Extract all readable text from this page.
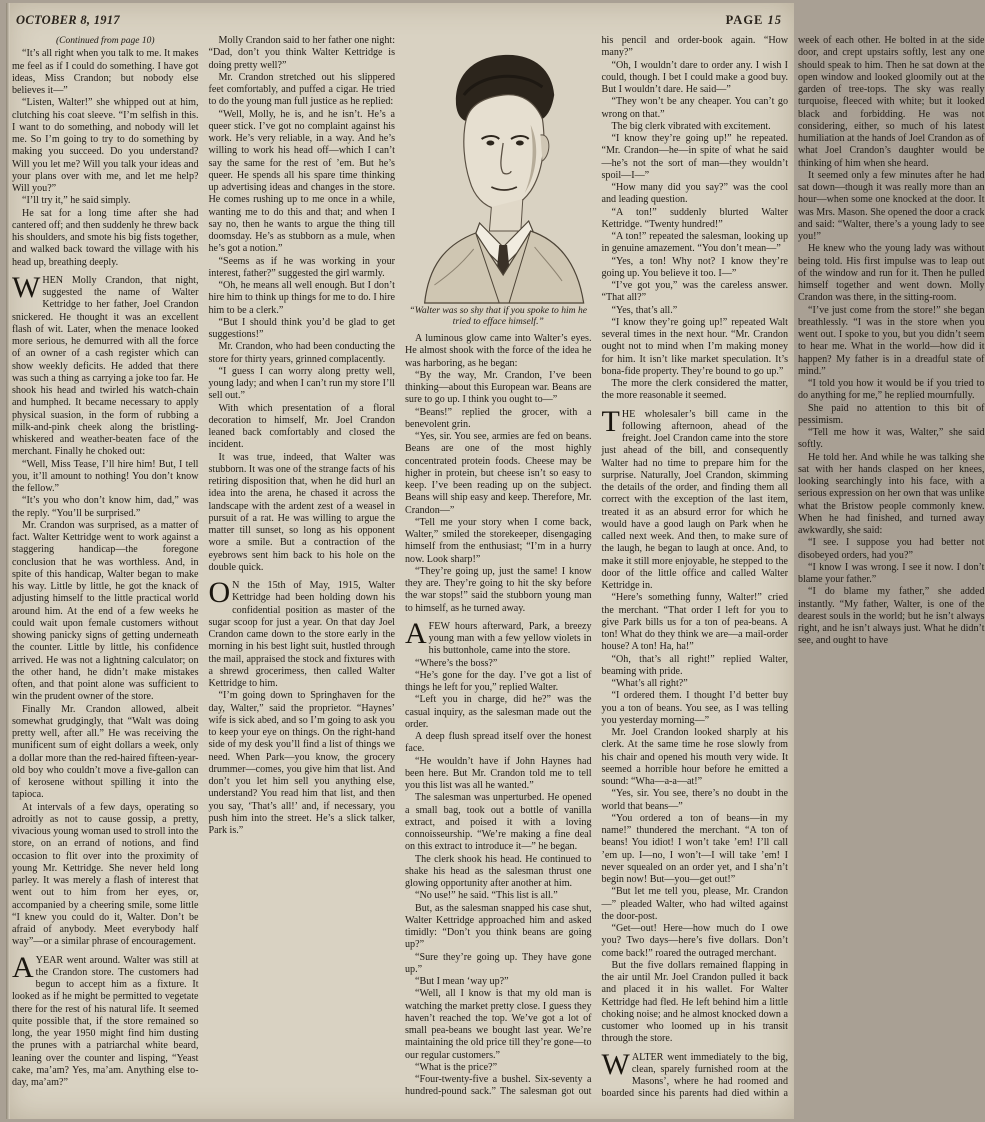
OCTOBER 8, 1917	PAGE 15

(Continued from page 10)

“It’s all right when you talk to me. It makes me feel as if I could do something. I have got ideas, Miss Crandon; but nobody else believes it—”

“Listen, Walter!” she whipped out at him, clutching his coat sleeve. “I’m selfish in this. I want to do something, and nobody will let me. So I’m going to try to do something by making you succeed. Do you understand? Will you let me? Will you talk your ideas and your plans over with me, and let me help? Will you?”

“I’ll try it,” he said simply.

He sat for a long time after she had cantered off; and then suddenly he threw back his shoulders, and smote his big fists together, and walked back toward the village with his head up, breathing deeply.

WHEN Molly Crandon, that night, suggested the name of Walter Kettridge to her father, Joel Crandon snickered. He thought it was an excellent flash of wit. Later, when the menace looked more serious, he demurred with all the force of an owner of a cash register which can show weekly deficits. He added that there was such a thing as carrying a joke too far. He shook his head and twirled his watch-chain and humphed. It became necessary to apply physical suasion, in the form of rubbing a milk-and-pink cheek along the bristling-whiskered and weather-beaten face of the merchant. Finally he choked out:

“Well, Miss Tease, I’ll hire him! But, I tell you, it’ll amount to nothing! You don’t know the fellow.”

“It’s you who don’t know him, dad,” was the reply. “You’ll be surprised.”

Mr. Crandon was surprised, as a matter of fact. Walter Kettridge went to work against a staggering handicap—the foregone conclusion that he was worthless. And, in spite of this handicap, Walter began to make his way. Little by little, he got the knack of adjusting himself to the little practical world around him. At the end of a few weeks he could wait upon female customers without showing panicky signs of getting underneath the counter. Little by little, his confidence arrived. He was not a lightning calculator; on the other hand, he didn’t make mistakes often, and that point alone was sufficient to win the prudent owner of the store.

Finally Mr. Crandon allowed, albeit somewhat grudgingly, that “Walt was doing pretty well, after all.” He was receiving the munificent sum of eight dollars a week, only a dollar more than the red-haired fifteen-year-old boy who couldn’t move a five-gallon can of kerosene without spilling it into the tapioca.

At intervals of a few days, operating so adroitly as not to cause gossip, a pretty, vivacious young woman used to stroll into the store, on an errand of notions, and find occasion to flit over into the proximity of young Mr. Kettridge. She never held long parley. It was merely a flash of interest that went out to him from her eyes, or, accompanied by a cheering smile, some little “I knew you could do it, Walter. Don’t be afraid of anybody. Meet everybody half way”—or a similar phrase of encouragement.

AYEAR went around. Walter was still at the Crandon store. The customers had begun to accept him as a fixture. It looked as if he might be permitted to vegetate there for the rest of his natural life. It seemed quite possible that, if the store remained so long, the year 1950 might find him dusting the prunes with a patriarchal white beard, leaning over the counter and lisping, “Yeast cake, ma’am? Yes, ma’am. Anything else to-day, ma’am?”

Molly Crandon said to her father one night: “Dad, don’t you think Walter Kettridge is doing pretty well?”

Mr. Crandon stretched out his slippered feet comfortably, and puffed a cigar. He tried to do the young man full justice as he replied:

“Well, Molly, he is, and he isn’t. He’s a queer stick. I’ve got no complaint against his work. He’s very reliable, in a way. And he’s willing to work his head off—which I can’t say the same for the rest of ’em. But he’s queer. He spends all his spare time thinking up advertising ideas and changes in the store. He comes rushing up to me once in a while, wanting me to do this and that; and when I say no, then he wants to argue the thing till doomsday. He’s as stubborn as a mule, when he’s got a notion.”

“Seems as if he was working in your interest, father?” suggested the girl warmly.

“Oh, he means all well enough. But I don’t hire him to think up things for me to do. I hire him to be a clerk.”

“But I should think you’d be glad to get suggestions!”

Mr. Crandon, who had been conducting the store for thirty years, grinned complacently.

“I guess I can worry along pretty well, young lady; and when I can’t run my store I’ll sell out.”

With which presentation of a floral decoration to himself, Mr. Joel Crandon leaned back comfortably and closed the incident.

It was true, indeed, that Walter was stubborn. It was one of the strange facts of his retiring disposition that, when he did hurl an idea into the arena, he chased it across the landscape with the ardent zest of a weasel in pursuit of a rat. He was willing to argue the matter till sunset, so long as his opponent wore a smile. But a contraction of the eyebrows sent him back to his hole on the double quick.

O N the 15th of May, 1915, Walter Kettridge had been holding down his confidential position as master of the sugar scoop for just a year. On that day Joel Crandon came down to the store early in the morning in his best light suit, hustled through the mail, appraised the stock and fixtures with a shrewd grocerimess, then called Walter Kettridge to him.

“I’m going down to Springhaven for the day, Walter,” said the proprietor. “Haynes’ wife is sick abed, and so I’m going to ask you to keep your eye on things. On the right-hand side of my desk you’ll find a list of things we need. When Park—you know, the grocery drummer—comes, you give him that list. And don’t you let him sell you anything else, understand? You read him that list, and then you say, ‘That’s all!’ and, if necessary, you push him into the street. He’s a slick talker, Park is.”

“Walter was so shy that if you spoke to him he tried to efface himself.”

A luminous glow came into Walter’s eyes. He almost shook with the force of the idea he was harboring, as he began:

“By the way, Mr. Crandon, I’ve been thinking—about this European war. Beans are sure to go up. I think you ought to—”

“Beans!” replied the grocer, with a benevolent grin.

“Yes, sir. You see, armies are fed on beans. Beans are one of the most highly concentrated protein foods. Cheese may be higher in protein, but cheese isn’t so easy to keep. I’ve been reading up on the subject. Beans will ship easy and keep. Therefore, Mr. Crandon—”

“Tell me your story when I come back, Walter,” smiled the storekeeper, disengaging himself from the enthusiast; “I’m in a hurry now. Look sharp!”

“They’re going up, just the same! I know they are. They’re going to hit the sky before the war stops!” said the stubborn young man to himself, as he turned away.

A FEW hours afterward, Park, a breezy young man with a few yellow violets in his buttonhole, came into the store.

“Where’s the boss?”

“He’s gone for the day. I’ve got a list of things he left for you,” replied Walter.

“Left you in charge, did he?” was the casual inquiry, as the salesman made out the order.

A deep flush spread itself over the honest face.

“He wouldn’t have if John Haynes had been here. But Mr. Crandon told me to tell you this list was all he wanted.”

The salesman was unperturbed. He opened a small bag, took out a bottle of vanilla extract, and poised it with a loving connoisseurship. “We’re making a fine deal on this extract to introduce it—” he began.

The clerk shook his head. He continued to shake his head as the salesman thrust one glowing opportunity after another at him.

“No use!” he said. “This list is all.”

But, as the salesman snapped his case shut, Walter Kettridge approached him and asked timidly: “Don’t you think beans are going up?”

“Sure they’re going up. They have gone up.”

“But I mean ‘way up?”

“Well, all I know is that my old man is watching the market pretty close. I guess they haven’t reached the top. We’ve got a lot of small pea-beans we bought last year. We’re maintaining the old price till they’re gone—to our regular customers.”

“What is the price?”

“Four-twenty-five a bushel. Six-seventy a hundred-pound sack.” The salesman got out his pencil and order-book again. “How many?”

“Oh, I wouldn’t dare to order any. I wish I could, though. I bet I could make a good buy. But I wouldn’t dare. He said—”

“They won’t be any cheaper. You can’t go wrong on that.”

The big clerk vibrated with excitement.

“I know they’re going up!” he repeated. “Mr. Crandon—he—in spite of what he said—he’s not the sort of man—they wouldn’t spoil—I—”

“How many did you say?” was the cool and leading question.

“A ton!” suddenly blurted Walter Kettridge. “Twenty hundred!”

“A ton!” repeated the salesman, looking up in genuine amazement. “You don’t mean—”

“Yes, a ton! Why not? I know they’re going up. You believe it too. I—”

“I’ve got you,” was the careless answer. “That all?”

“Yes, that’s all.”

“I know they’re going up!” repeated Walt several times in the next hour. “Mr. Crandon ought not to mind when I’m making money for him. It isn’t like market speculation. It’s bona-fide property. They’re bound to go up.”

The more the clerk considered the matter, the more reasonable it seemed.

THE wholesaler’s bill came in the following afternoon, ahead of the freight. Joel Crandon came into the store just ahead of the bill, and consequently Walter had no time to prepare him for the surprise. Naturally, Joel Crandon, skimming the details of the order, and finding them all correct with the exception of the last item, treated it as an absurd error for which he would have a good laugh on Park when he called next week. And then, to make sure of the laugh, he began to laugh at once. And, to make it still more enjoyable, he stepped to the door of the little office and called Walter Kettridge in.

“Here’s something funny, Walter!” cried the merchant. “That order I left for you to give Park bills us for a ton of pea-beans. A ton! What do they think we are—a mail-order house? A ton! Ha, ha!”

“Oh, that’s all right!” replied Walter, beaming with pride.

“What’s all right?”

“I ordered them. I thought I’d better buy you a ton of beans. You see, as I was telling you yesterday morning—”

Mr. Joel Crandon looked sharply at his clerk. At the same time he rose slowly from his chair and opened his mouth very wide. It seemed a horrible hour before he emitted a sound: “Wha—a-a—at!”

“Yes, sir. You see, there’s no doubt in the world that beans—”

“You ordered a ton of beans—in my name!” thundered the merchant. “A ton of beans! You idiot! I won’t take ’em! I’ll call ’em up. I—no, I won’t—I will take ’em! I never squealed on an order yet, and I sha’n’t begin now! But—you—get out!”

“But let me tell you, please, Mr. Crandon—” pleaded Walter, who had wilted against the door-post.

“Get—out! Here—how much do I owe you? Two days—here’s five dollars. Don’t come back!” roared the outraged merchant.

But the five dollars remained flapping in the air until Mr. Joel Crandon pulled it back and placed it in his wallet. For Walter Kettridge had fled. He left behind him a little choking noise; and he almost knocked down a customer who loomed up in his transit through the store.

WALTER went immediately to the big, clean, sparely furnished room at the Masons’, where he had roomed and boarded since his parents had died within a week of each other. He bolted in at the side door, and crept upstairs softly, lest any one should speak to him. Then he sat down at the open window and looked gloomily out at the garden of tree-tops. The sky was really turquoise, fleeced with white; but it looked black and forbidding. He was not considering, either, so much of his latest humiliation at the hands of Joel Crandon as of what Joel Crandon’s daughter would be thinking of him when she heard.

It seemed only a few minutes after he had sat down—though it was really more than an hour—when some one knocked at the door. It was Mrs. Mason. She opened the door a crack and said: “Walter, there’s a young lady to see you!”

He knew who the young lady was without being told. His first impulse was to leap out of the window and run for it. Then he pulled himself together and went down. Molly Crandon was there, in the sitting-room.

“I’ve just come from the store!” she began breathlessly. “I was in the store when you went out. I spoke to you, but you didn’t seem to hear me. What in the world—how did it happen? My father is in a dreadful state of mind.”

“I told you how it would be if you tried to do anything for me,” he replied mournfully.

She paid no attention to this bit of pessimism.

“Tell me how it was, Walter,” she said softly.

He told her. And while he was talking she sat with her hands clasped on her knees, looking searchingly into his face, with a serious expression on her own that was unlike what the Bristow people commonly knew. When he had finished, and turned away awkwardly, she said:

“I see. I suppose you had better not disobeyed orders, had you?”

“I know I was wrong. I see it now. I don’t blame your father.”

“I do blame my father,” she added instantly. “My father, Walter, is one of the dearest souls in the world; but he isn’t always right, and he isn’t always just. What he didn’t see, and ought to have
